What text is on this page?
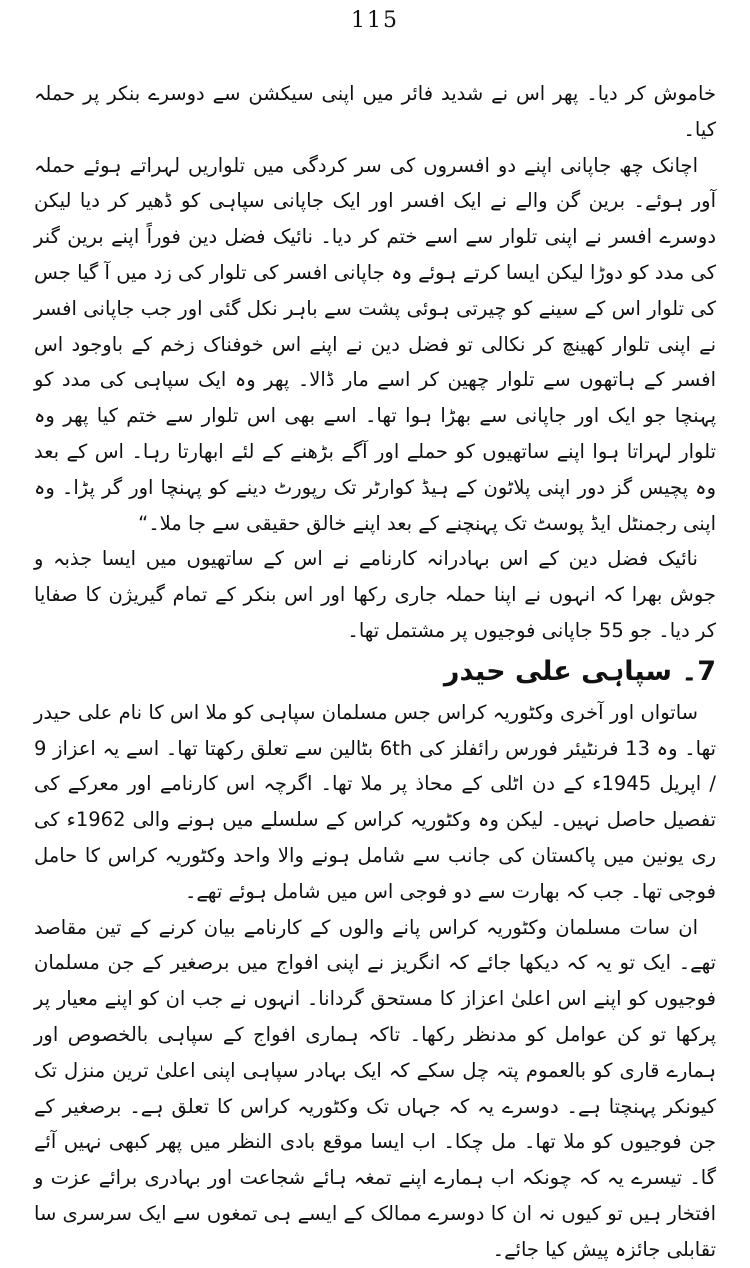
115

خاموش کر دیا۔ پھر اس نے شدید فائر میں اپنی سیکشن سے دوسرے بنکر پر حملہ کیا۔

اچانک چھ جاپانی اپنے دو افسروں کی سر کردگی میں تلواریں لہراتے ہوئے حملہ آور ہوئے۔ برین گن والے نے ایک افسر اور ایک جاپانی سپاہی کو ڈھیر کر دیا لیکن دوسرے افسر نے اپنی تلوار سے اسے ختم کر دیا۔ نائیک فضل دین فوراً اپنے برین گنر کی مدد کو دوڑا لیکن ایسا کرتے ہوئے وہ جاپانی افسر کی تلوار کی زد میں آ گیا جس کی تلوار اس کے سینے کو چیرتی ہوئی پشت سے باہر نکل گئی اور جب جاپانی افسر نے اپنی تلوار کھینچ کر نکالی تو فضل دین نے اپنے اس خوفناک زخم کے باوجود اس افسر کے ہاتھوں سے تلوار چھین کر اسے مار ڈالا۔ پھر وہ ایک سپاہی کی مدد کو پہنچا جو ایک اور جاپانی سے بھڑا ہوا تھا۔ اسے بھی اس تلوار سے ختم کیا پھر وہ تلوار لہراتا ہوا اپنے ساتھیوں کو حملے اور آگے بڑھنے کے لئے ابھارتا رہا۔ اس کے بعد وہ پچیس گز دور اپنی پلاٹون کے ہیڈ کوارٹر تک رپورٹ دینے کو پہنچا اور گر پڑا۔ وہ اپنی رجمنٹل ایڈ پوسٹ تک پہنچنے کے بعد اپنے خالق حقیقی سے جا ملا۔“

نائیک فضل دین کے اس بہادرانہ کارنامے نے اس کے ساتھیوں میں ایسا جذبہ و جوش بھرا کہ انہوں نے اپنا حملہ جاری رکھا اور اس بنکر کے تمام گیریژن کا صفایا کر دیا۔ جو 55 جاپانی فوجیوں پر مشتمل تھا۔

7۔ سپاہی علی حیدر

ساتواں اور آخری وکٹوریہ کراس جس مسلمان سپاہی کو ملا اس کا نام علی حیدر تھا۔ وہ 13 فرنٹیئر فورس رائفلز کی 6th بٹالین سے تعلق رکھتا تھا۔ اسے یہ اعزاز 9 / اپریل 1945ء کے دن اٹلی کے محاذ پر ملا تھا۔ اگرچہ اس کارنامے اور معرکے کی تفصیل حاصل نہیں۔ لیکن وہ وکٹوریہ کراس کے سلسلے میں ہونے والی 1962ء کی ری یونین میں پاکستان کی جانب سے شامل ہونے والا واحد وکٹوریہ کراس کا حامل فوجی تھا۔ جب کہ بھارت سے دو فوجی اس میں شامل ہوئے تھے۔

ان سات مسلمان وکٹوریہ کراس پانے والوں کے کارنامے بیان کرنے کے تین مقاصد تھے۔ ایک تو یہ کہ دیکھا جائے کہ انگریز نے اپنی افواج میں برصغیر کے جن مسلمان فوجیوں کو اپنے اس اعلیٰ اعزاز کا مستحق گردانا۔ انہوں نے جب ان کو اپنے معیار پر پرکھا تو کن عوامل کو مدنظر رکھا۔ تاکہ ہماری افواج کے سپاہی بالخصوص اور ہمارے قاری کو بالعموم پتہ چل سکے کہ ایک بہادر سپاہی اپنی اعلیٰ ترین منزل تک کیونکر پہنچتا ہے۔ دوسرے یہ کہ جہاں تک وکٹوریہ کراس کا تعلق ہے۔ برصغیر کے جن فوجیوں کو ملا تھا۔ مل چکا۔ اب ایسا موقع بادی النظر میں پھر کبھی نہیں آئے گا۔ تیسرے یہ کہ چونکہ اب ہمارے اپنے تمغہ ہائے شجاعت اور بہادری برائے عزت و افتخار ہیں تو کیوں نہ ان کا دوسرے ممالک کے ایسے ہی تمغوں سے ایک سرسری سا تقابلی جائزہ پیش کیا جائے۔
